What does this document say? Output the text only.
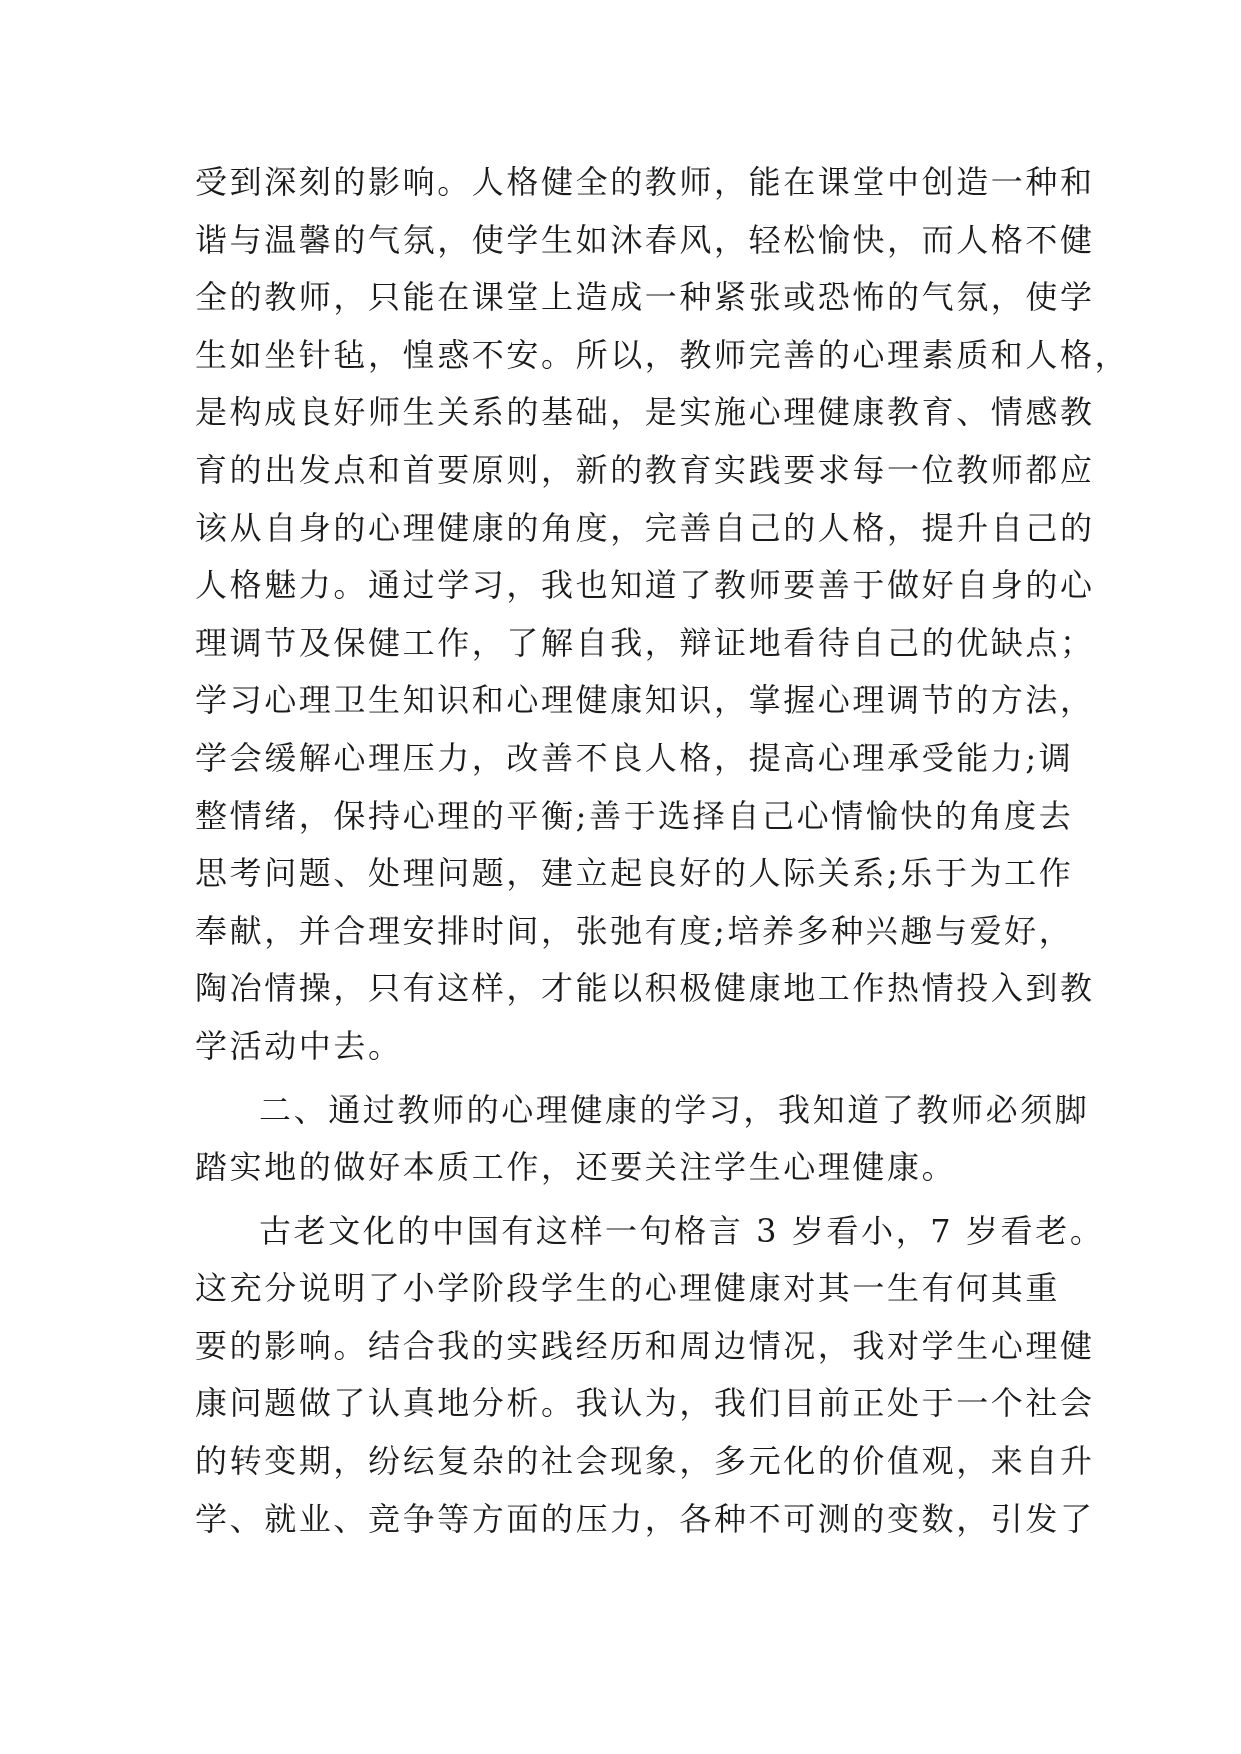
受到深刻的影响。人格健全的教师，能在课堂中创造一种和
谐与温馨的气氛，使学生如沐春风，轻松愉快，而人格不健
全的教师，只能在课堂上造成一种紧张或恐怖的气氛，使学
生如坐针毡，惶惑不安。所以，教师完善的心理素质和人格，
是构成良好师生关系的基础，是实施心理健康教育、情感教
育的出发点和首要原则，新的教育实践要求每一位教师都应
该从自身的心理健康的角度，完善自己的人格，提升自己的
人格魅力。通过学习，我也知道了教师要善于做好自身的心
理调节及保健工作，了解自我，辩证地看待自己的优缺点；
学习心理卫生知识和心理健康知识，掌握心理调节的方法，
学会缓解心理压力，改善不良人格，提高心理承受能力;调
整情绪，保持心理的平衡;善于选择自己心情愉快的角度去
思考问题、处理问题，建立起良好的人际关系;乐于为工作
奉献，并合理安排时间，张弛有度;培养多种兴趣与爱好，
陶冶情操，只有这样，才能以积极健康地工作热情投入到教
学活动中去。
二、通过教师的心理健康的学习，我知道了教师必须脚
踏实地的做好本质工作，还要关注学生心理健康。
古老文化的中国有这样一句格言 3 岁看小，7 岁看老。
这充分说明了小学阶段学生的心理健康对其一生有何其重
要的影响。结合我的实践经历和周边情况，我对学生心理健
康问题做了认真地分析。我认为，我们目前正处于一个社会
的转变期，纷纭复杂的社会现象，多元化的价值观，来自升
学、就业、竞争等方面的压力，各种不可测的变数，引发了
